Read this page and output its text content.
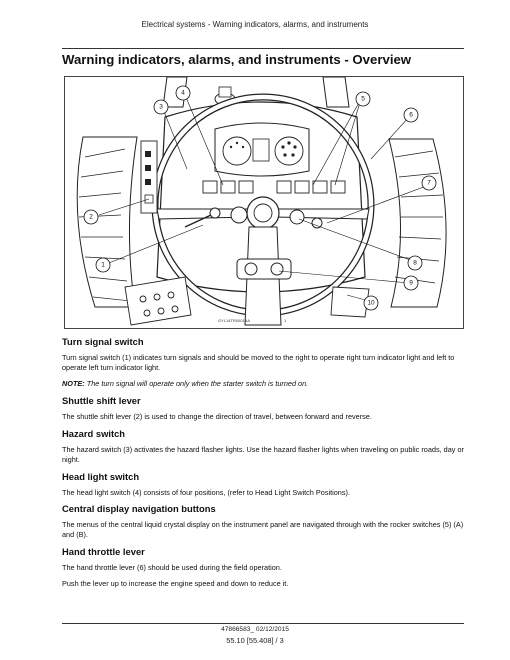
Electrical systems - Warning indicators, alarms, and instruments
Warning indicators, alarms, and instruments - Overview
1
2
3
4
5
6
7
8
9
10
GYL14TR0001BA	1
Turn signal switch

Turn signal switch (1) indicates turn signals and should be moved to the right to operate right turn indicator light and left to operate left turn indicator light.

NOTE: The turn signal will operate only when the starter switch is turned on.

Shuttle shift lever

The shuttle shift lever (2) is used to change the direction of travel, between forward and reverse.

Hazard switch

The hazard switch (3) activates the hazard flasher lights. Use the hazard flasher lights when traveling on public roads, day or night.

Head light switch

The head light switch (4) consists of four positions, (refer to Head Light Switch Positions).

Central display navigation buttons

The menus of the central liquid crystal display on the instrument panel are navigated through with the rocker switches (5) (A) and (B).

Hand throttle lever

The hand throttle lever (6) should be used during the field operation.

Push the lever up to increase the engine speed and down to reduce it.

47866583_ 02/12/2015
55.10 [55.408] / 3
